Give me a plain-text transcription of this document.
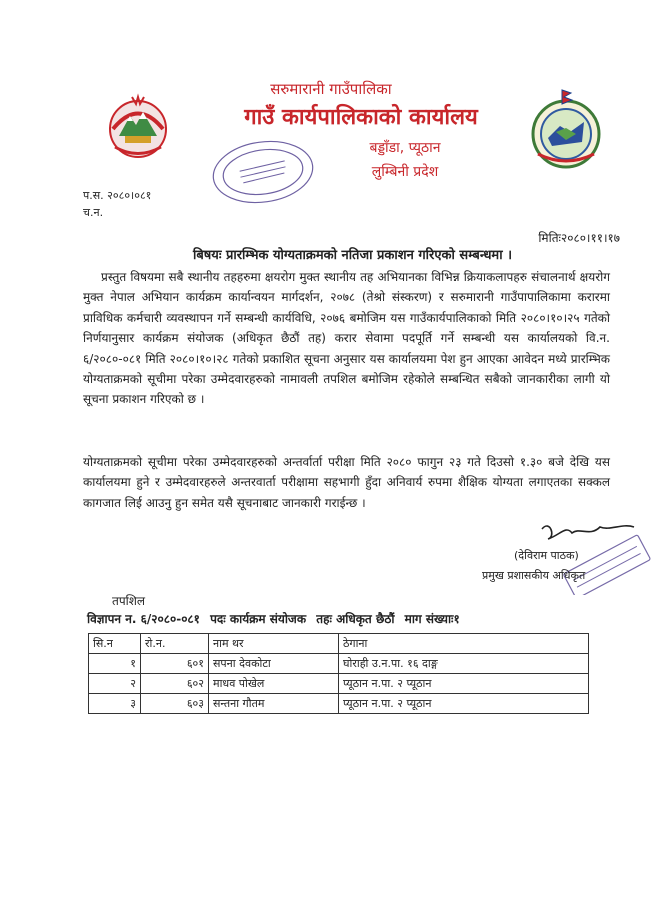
सरुमारानी गाउँपालिका
गाउँ कार्यपालिकाको कार्यालय
बड्डाँडा, प्यूठान
लुम्बिनी प्रदेश
प.स. २०८०।०८१
च.न.
मितिः२०८०।११।१७
बिषयः प्रारम्भिक योग्यताक्रमको नतिजा प्रकाशन गरिएको सम्बन्धमा ।
प्रस्तुत विषयमा सबै स्थानीय तहहरुमा क्षयरोग मुक्त स्थानीय तह अभियानका विभिन्न क्रियाकलापहरु संचालनार्थ क्षयरोग मुक्त नेपाल अभियान कार्यक्रम कार्यान्वयन मार्गदर्शन, २०७८ (तेश्रो संस्करण) र सरुमारानी गाउँपापालिकामा करारमा प्राविधिक कर्मचारी व्यवस्थापन गर्ने सम्बन्धी कार्यविधि, २०७६ बमोजिम यस गाउँकार्यपालिकाको मिति २०८०।१०।२५ गतेको निर्णयानुसार कार्यक्रम संयोजक (अधिकृत छैठौं तह) करार सेवामा पदपूर्ति गर्ने सम्बन्धी यस कार्यालयको वि.न. ६/२०८०-०८१ मिति २०८०।१०।२८ गतेको प्रकाशित सूचना अनुसार यस कार्यालयमा पेश हुन आएका आवेदन मध्ये प्रारम्भिक योग्यताक्रमको सूचीमा परेका उम्मेदवारहरुको नामावली तपशिल बमोजिम रहेकोले सम्बन्धित सबैको जानकारीका लागी यो सूचना प्रकाशन गरिएको छ ।
योग्यताक्रमको सूचीमा परेका उम्मेदवारहरुको अन्तर्वार्ता परीक्षा मिति २०८० फागुन २३ गते दिउसो १.३० बजे देखि यस कार्यालयमा हुने र उम्मेदवारहरुले अन्तरवार्ता परीक्षामा सहभागी हुँदा अनिवार्य रुपमा शैक्षिक योग्यता लगाएतका सक्कल कागजात लिई आउनु हुन समेत यसै सूचनाबाट जानकारी गराईन्छ ।
(देविराम पाठक)
प्रमुख प्रशासकीय अधिकृत
तपशिल
विज्ञापन न. ६/२०८०-०८१ पदः कार्यक्रम संयोजक तहः अधिकृत छैठौं माग संख्याः१
सि.न	रो.न.	नाम थर	ठेगाना
१	६०१	सपना देवकोटा	घोराही उ.न.पा. १६ दाङ्ग
२	६०२	माधव पोखेल	प्यूठान न.पा. २ प्यूठान
३	६०३	सन्तना गौतम	प्यूठान न.पा. २ प्यूठान
